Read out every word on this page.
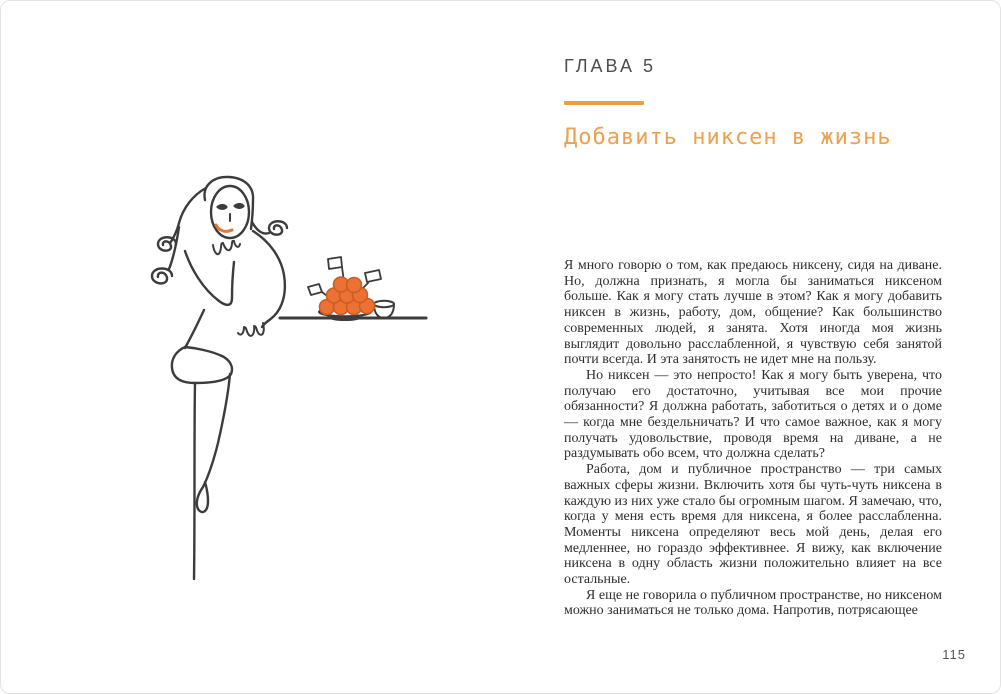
ГЛАВА 5
Добавить никсен в жизнь

Я много говорю о том, как предаюсь никсену, сидя на диване. Но, должна признать, я могла бы заниматься никсеном больше. Как я могу стать лучше в этом? Как я могу добавить никсен в жизнь, работу, дом, общение? Как большинство современных людей, я занята. Хотя иногда моя жизнь выглядит довольно расслабленной, я чувствую себя занятой почти всегда. И эта занятость не идет мне на пользу.

Но никсен — это непросто! Как я могу быть уверена, что получаю его достаточно, учитывая все мои прочие обязанности? Я должна работать, заботиться о детях и о доме — когда мне бездельничать? И что самое важное, как я могу получать удовольствие, проводя время на диване, а не раздумывать обо всем, что должна сделать?

Работа, дом и публичное пространство — три самых важных сферы жизни. Включить хотя бы чуть-чуть никсена в каждую из них уже стало бы огромным шагом. Я замечаю, что, когда у меня есть время для никсена, я более расслабленна. Моменты никсена определяют весь мой день, делая его медленнее, но гораздо эффективнее. Я вижу, как включение никсена в одну область жизни положительно влияет на все остальные.

Я еще не говорила о публичном пространстве, но никсеном можно заниматься не только дома. Напротив, потрясающее

115
